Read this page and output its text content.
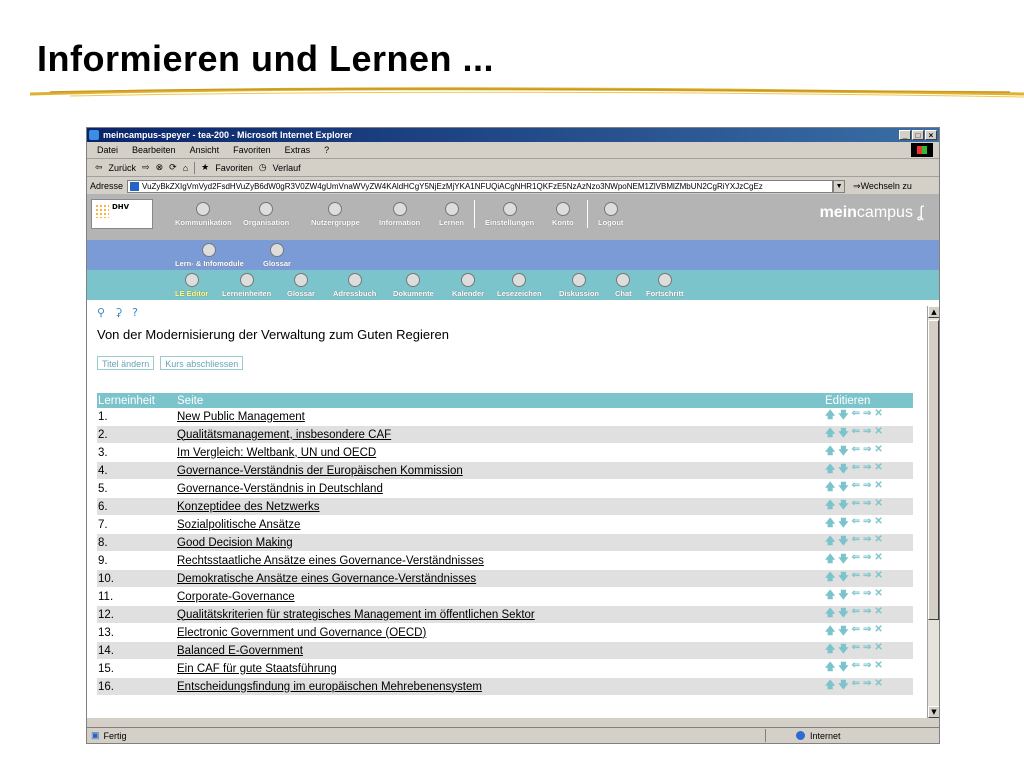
Informieren und Lernen ...
meincampus-speyer - tea-200 - Microsoft Internet Explorer	_	□	×
Datei Bearbeiten Ansicht Favoriten Extras ?
⇦ Zurück ⇨ ⊗ ⟳ ⌂ ★ Favoriten ◷ Verlauf
Adresse VuZyBkZXIgVmVyd2FsdHVuZyB6dW0gR3V0ZW4gUmVnaWVyZW4KAldHCgY5NjEzMjYKA1NFUQiACgNHR1QKFzE5NzAzNzo3NWpoNEM1ZlVBMlZMbUN2CgRiYXJzCgEz	▼ ⇒ Wechseln zu
DHV
Kommunikation Organisation	Nutzergruppe	Information	Lernen	Einstellungen Konto	Logout
meincampus ʆ
Lern- & Infomodule	Glossar
LE Editor Lerneinheiten Glossar Adressbuch Dokumente Kalender Lesezeichen Diskussion Chat Fortschritt
⚲ ⚳ ?
Von der Modernisierung der Verwaltung zum Guten Regieren
Titel ändern	Kurs abschliessen
Lerneinheit	Seite	Editieren
1.	New Public Management	🡅 🡇 ⇐ ⇒ ✕

2.	Qualitätsmanagement, insbesondere CAF	🡅 🡇 ⇐ ⇒ ✕

3.	Im Vergleich: Weltbank, UN und OECD	🡅 🡇 ⇐ ⇒ ✕

4.	Governance-Verständnis der Europäischen Kommission	🡅 🡇 ⇐ ⇒ ✕

5.	Governance-Verständnis in Deutschland	🡅 🡇 ⇐ ⇒ ✕

6.	Konzeptidee des Netzwerks	🡅 🡇 ⇐ ⇒ ✕

7.	Sozialpolitische Ansätze	🡅 🡇 ⇐ ⇒ ✕

8.	Good Decision Making	🡅 🡇 ⇐ ⇒ ✕

9.	Rechtsstaatliche Ansätze eines Governance-Verständnisses	🡅 🡇 ⇐ ⇒ ✕

10.	Demokratische Ansätze eines Governance-Verständnisses	🡅 🡇 ⇐ ⇒ ✕

11.	Corporate-Governance	🡅 🡇 ⇐ ⇒ ✕

12.	Qualitätskriterien für strategisches Management im öffentlichen Sektor	🡅 🡇 ⇐ ⇒ ✕

13.	Electronic Government und Governance (OECD)	🡅 🡇 ⇐ ⇒ ✕

14.	Balanced E-Government	🡅 🡇 ⇐ ⇒ ✕

15.	Ein CAF für gute Staatsführung	🡅 🡇 ⇐ ⇒ ✕

16.	Entscheidungsfindung im europäischen Mehrebenensystem	🡅 🡇 ⇐ ⇒ ✕
▲
▼
▣ Fertig	Internet
